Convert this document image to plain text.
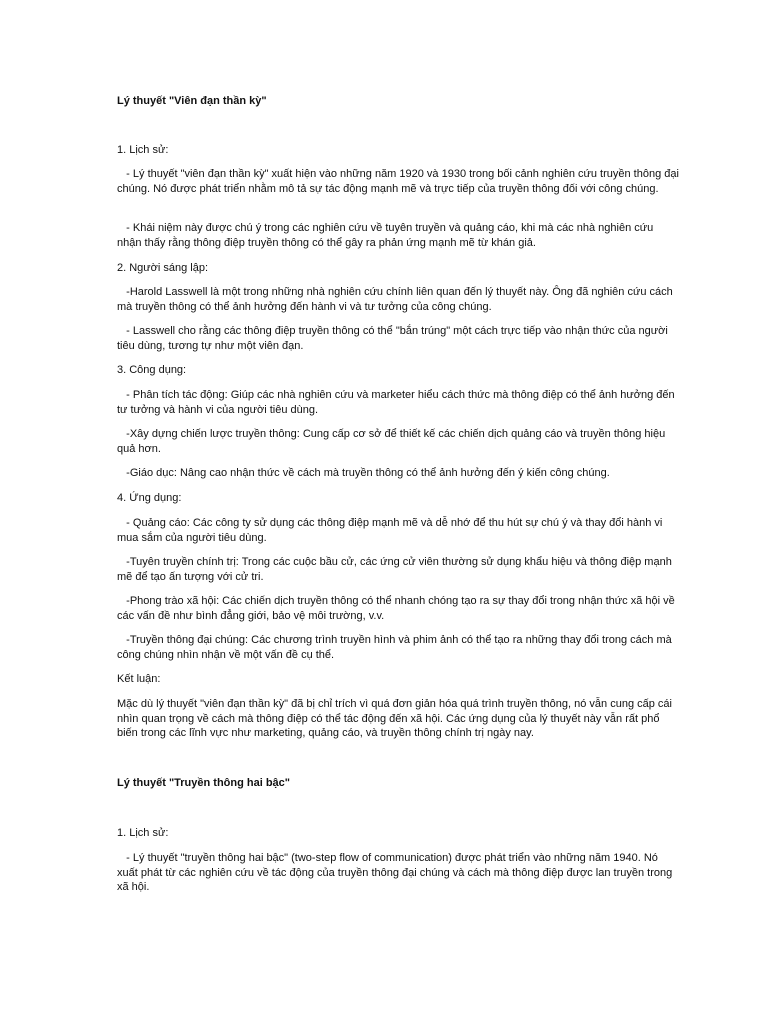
Lý thuyết "Viên đạn thần kỳ"

1. Lịch sử:

- Lý thuyết "viên đạn thần kỳ" xuất hiện vào những năm 1920 và 1930 trong bối cảnh nghiên cứu truyền thông đại chúng. Nó được phát triển nhằm mô tả sự tác động mạnh mẽ và trực tiếp của truyền thông đối với công chúng.

- Khái niệm này được chú ý trong các nghiên cứu về tuyên truyền và quảng cáo, khi mà các nhà nghiên cứu nhận thấy rằng thông điệp truyền thông có thể gây ra phản ứng mạnh mẽ từ khán giả.

2. Người sáng lập:

-Harold Lasswell là một trong những nhà nghiên cứu chính liên quan đến lý thuyết này. Ông đã nghiên cứu cách mà truyền thông có thể ảnh hưởng đến hành vi và tư tưởng của công chúng.

- Lasswell cho rằng các thông điệp truyền thông có thể "bắn trúng" một cách trực tiếp vào nhận thức của người tiêu dùng, tương tự như một viên đạn.

3. Công dụng:

- Phân tích tác động: Giúp các nhà nghiên cứu và marketer hiểu cách thức mà thông điệp có thể ảnh hưởng đến tư tưởng và hành vi của người tiêu dùng.

-Xây dựng chiến lược truyền thông: Cung cấp cơ sở để thiết kế các chiến dịch quảng cáo và truyền thông hiệu quả hơn.

-Giáo dục: Nâng cao nhận thức về cách mà truyền thông có thể ảnh hưởng đến ý kiến công chúng.

4. Ứng dụng:

- Quảng cáo: Các công ty sử dụng các thông điệp mạnh mẽ và dễ nhớ để thu hút sự chú ý và thay đổi hành vi mua sắm của người tiêu dùng.

-Tuyên truyền chính trị: Trong các cuộc bầu cử, các ứng cử viên thường sử dụng khẩu hiệu và thông điệp mạnh mẽ để tạo ấn tượng với cử tri.

-Phong trào xã hội: Các chiến dịch truyền thông có thể nhanh chóng tạo ra sự thay đổi trong nhận thức xã hội về các vấn đề như bình đẳng giới, bảo vệ môi trường, v.v.

-Truyền thông đại chúng: Các chương trình truyền hình và phim ảnh có thể tạo ra những thay đổi trong cách mà công chúng nhìn nhận về một vấn đề cụ thể.

Kết luận:

Mặc dù lý thuyết "viên đạn thần kỳ" đã bị chỉ trích vì quá đơn giản hóa quá trình truyền thông, nó vẫn cung cấp cái nhìn quan trọng về cách mà thông điệp có thể tác động đến xã hội. Các ứng dụng của lý thuyết này vẫn rất phổ biến trong các lĩnh vực như marketing, quảng cáo, và truyền thông chính trị ngày nay.

Lý thuyết "Truyền thông hai bậc"

1. Lịch sử:

- Lý thuyết "truyền thông hai bậc" (two-step flow of communication) được phát triển vào những năm 1940. Nó xuất phát từ các nghiên cứu về tác động của truyền thông đại chúng và cách mà thông điệp được lan truyền trong xã hội.
